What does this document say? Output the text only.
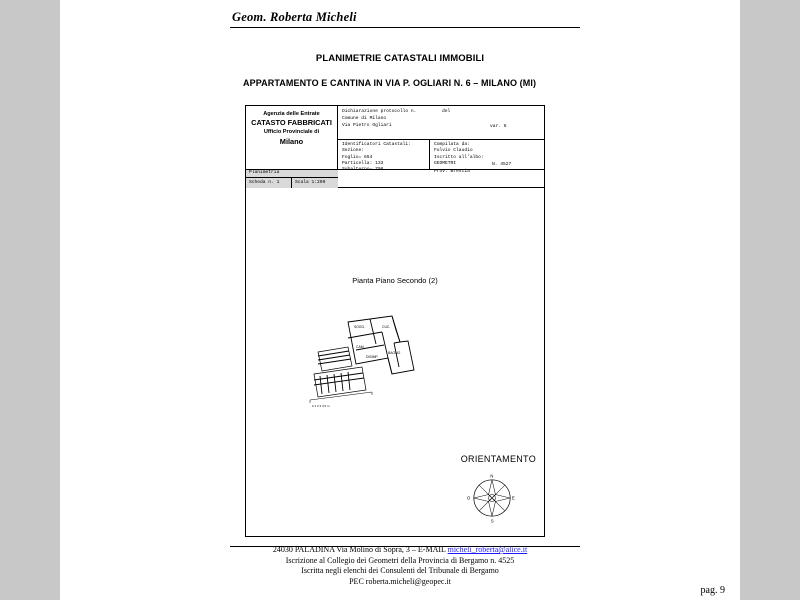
Geom. Roberta Micheli
PLANIMETRIE CATASTALI IMMOBILI
APPARTAMENTO E CANTINA IN VIA P. OGLIARI N. 6 – MILANO (MI)
Agenzia delle Entrate
CATASTO FABBRICATI
Ufficio Provinciale di
Milano
Dichiarazione protocollo n.
Comune di Milano
Via Pietro Ogliari
del
var. 6
Identificatori Catastali:
Sezione:
Foglio= 654
Particella: 133
Subalterno= 708
Compilata da:
Fulvio Claudio
Iscritto all'albo:
GEOMETRI
Prov. Brescia
N. 4527
Planimetria
Scheda n. 1	Scala 1:200
Pianta Piano Secondo (2)
SOGG.	CUC.
CAM.
BAGNO
DISIMP.
0 1 2 3 4 5 m
ORIENTAMENTO
N
E
S
O
24030 PALADINA Via Molino di Sopra, 3 – E-MAIL micheli_roberta@alice.it
Iscrizione al Collegio dei Geometri della Provincia di Bergamo n. 4525
Iscritta negli elenchi dei Consulenti del Tribunale di Bergamo
PEC roberta.micheli@geopec.it
pag. 9
